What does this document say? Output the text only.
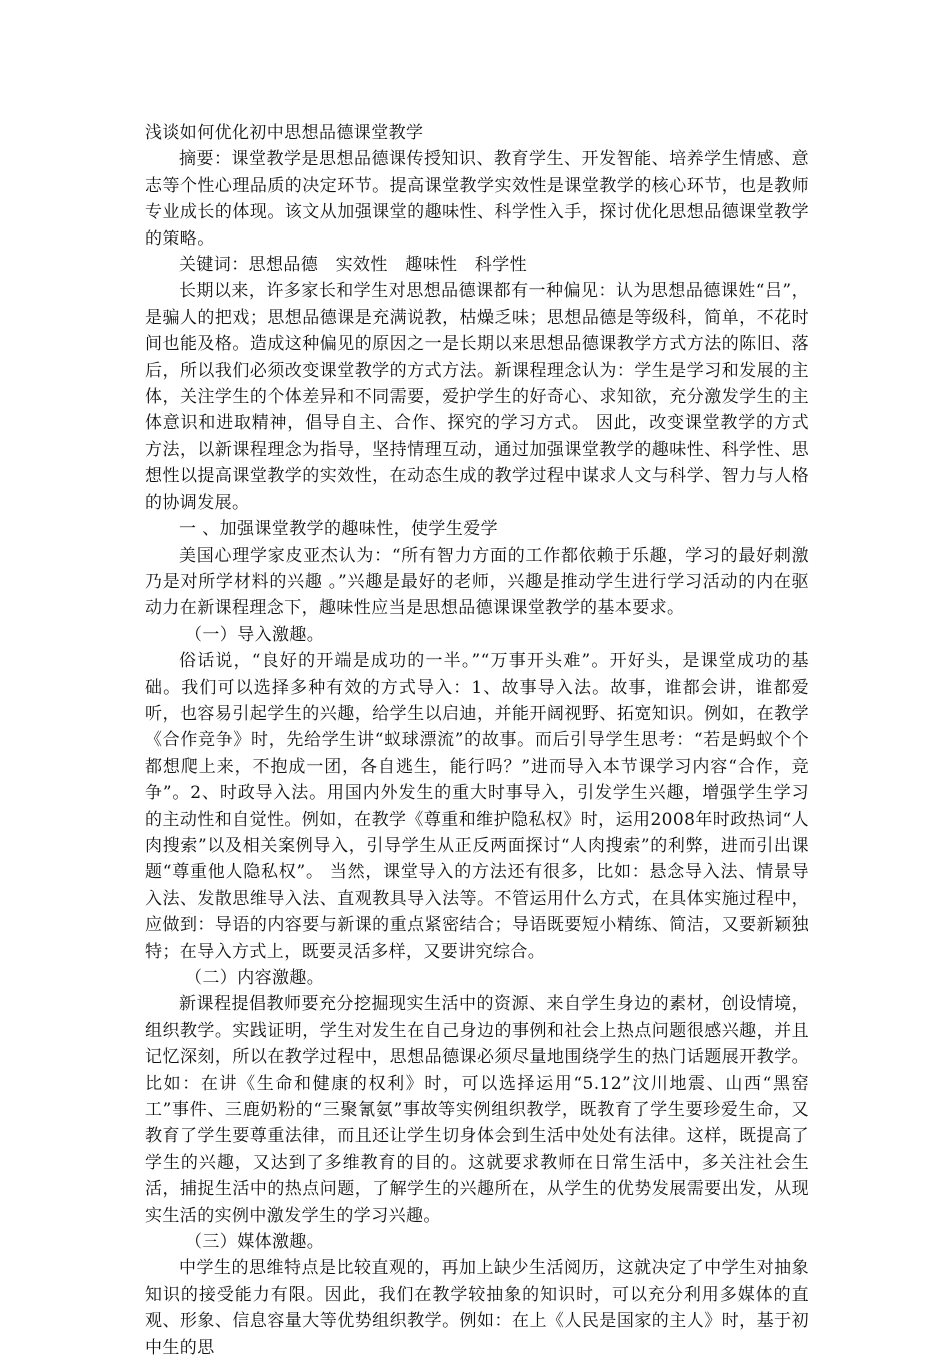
浅谈如何优化初中思想品德课堂教学

摘要：课堂教学是思想品德课传授知识、教育学生、开发智能、培养学生情感、意志等个性心理品质的决定环节。提高课堂教学实效性是课堂教学的核心环节，也是教师专业成长的体现。该文从加强课堂的趣味性、科学性入手，探讨优化思想品德课堂教学的策略。

关键词：思想品德　实效性　趣味性　科学性

长期以来，许多家长和学生对思想品德课都有一种偏见：认为思想品德课姓“吕”，是骗人的把戏；思想品德课是充满说教，枯燥乏味；思想品德是等级科，简单，不花时间也能及格。造成这种偏见的原因之一是长期以来思想品德课教学方式方法的陈旧、落后，所以我们必须改变课堂教学的方式方法。新课程理念认为：学生是学习和发展的主体，关注学生的个体差异和不同需要，爱护学生的好奇心、求知欲，充分激发学生的主体意识和进取精神，倡导自主、合作、探究的学习方式。 因此，改变课堂教学的方式方法，以新课程理念为指导，坚持情理互动，通过加强课堂教学的趣味性、科学性、思想性以提高课堂教学的实效性，在动态生成的教学过程中谋求人文与科学、智力与人格的协调发展。

一 、加强课堂教学的趣味性，使学生爱学

美国心理学家皮亚杰认为：“所有智力方面的工作都依赖于乐趣，学习的最好刺激乃是对所学材料的兴趣 。”兴趣是最好的老师，兴趣是推动学生进行学习活动的内在驱动力在新课程理念下，趣味性应当是思想品德课课堂教学的基本要求。

（一）导入激趣。

俗话说，“良好的开端是成功的一半。”“万事开头难”。开好头，是课堂成功的基础。我们可以选择多种有效的方式导入：1、故事导入法。故事，谁都会讲，谁都爱听，也容易引起学生的兴趣，给学生以启迪，并能开阔视野、拓宽知识。例如，在教学《合作竞争》时，先给学生讲“蚁球漂流”的故事。而后引导学生思考：“若是蚂蚁个个都想爬上来，不抱成一团，各自逃生，能行吗？”进而导入本节课学习内容“合作，竞争”。2、时政导入法。用国内外发生的重大时事导入，引发学生兴趣，增强学生学习的主动性和自觉性。例如，在教学《尊重和维护隐私权》时，运用2008年时政热词“人肉搜索”以及相关案例导入，引导学生从正反两面探讨“人肉搜索”的利弊，进而引出课题“尊重他人隐私权”。 当然，课堂导入的方法还有很多，比如：悬念导入法、情景导入法、发散思维导入法、直观教具导入法等。不管运用什么方式，在具体实施过程中，应做到：导语的内容要与新课的重点紧密结合；导语既要短小精练、简洁，又要新颖独特；在导入方式上，既要灵活多样，又要讲究综合。

（二）内容激趣。

新课程提倡教师要充分挖掘现实生活中的资源、来自学生身边的素材，创设情境，组织教学。实践证明，学生对发生在自己身边的事例和社会上热点问题很感兴趣，并且记忆深刻，所以在教学过程中，思想品德课必须尽量地围绕学生的热门话题展开教学。比如：在讲《生命和健康的权利》时，可以选择运用“5.12”汶川地震、山西“黑窑工”事件、三鹿奶粉的“三聚氰氨”事故等实例组织教学，既教育了学生要珍爱生命，又教育了学生要尊重法律，而且还让学生切身体会到生活中处处有法律。这样，既提高了学生的兴趣，又达到了多维教育的目的。这就要求教师在日常生活中，多关注社会生活，捕捉生活中的热点问题，了解学生的兴趣所在，从学生的优势发展需要出发，从现实生活的实例中激发学生的学习兴趣。

（三）媒体激趣。

中学生的思维特点是比较直观的，再加上缺少生活阅历，这就决定了中学生对抽象知识的接受能力有限。因此，我们在教学较抽象的知识时，可以充分利用多媒体的直观、形象、信息容量大等优势组织教学。例如：在上《人民是国家的主人》时，基于初中生的思
